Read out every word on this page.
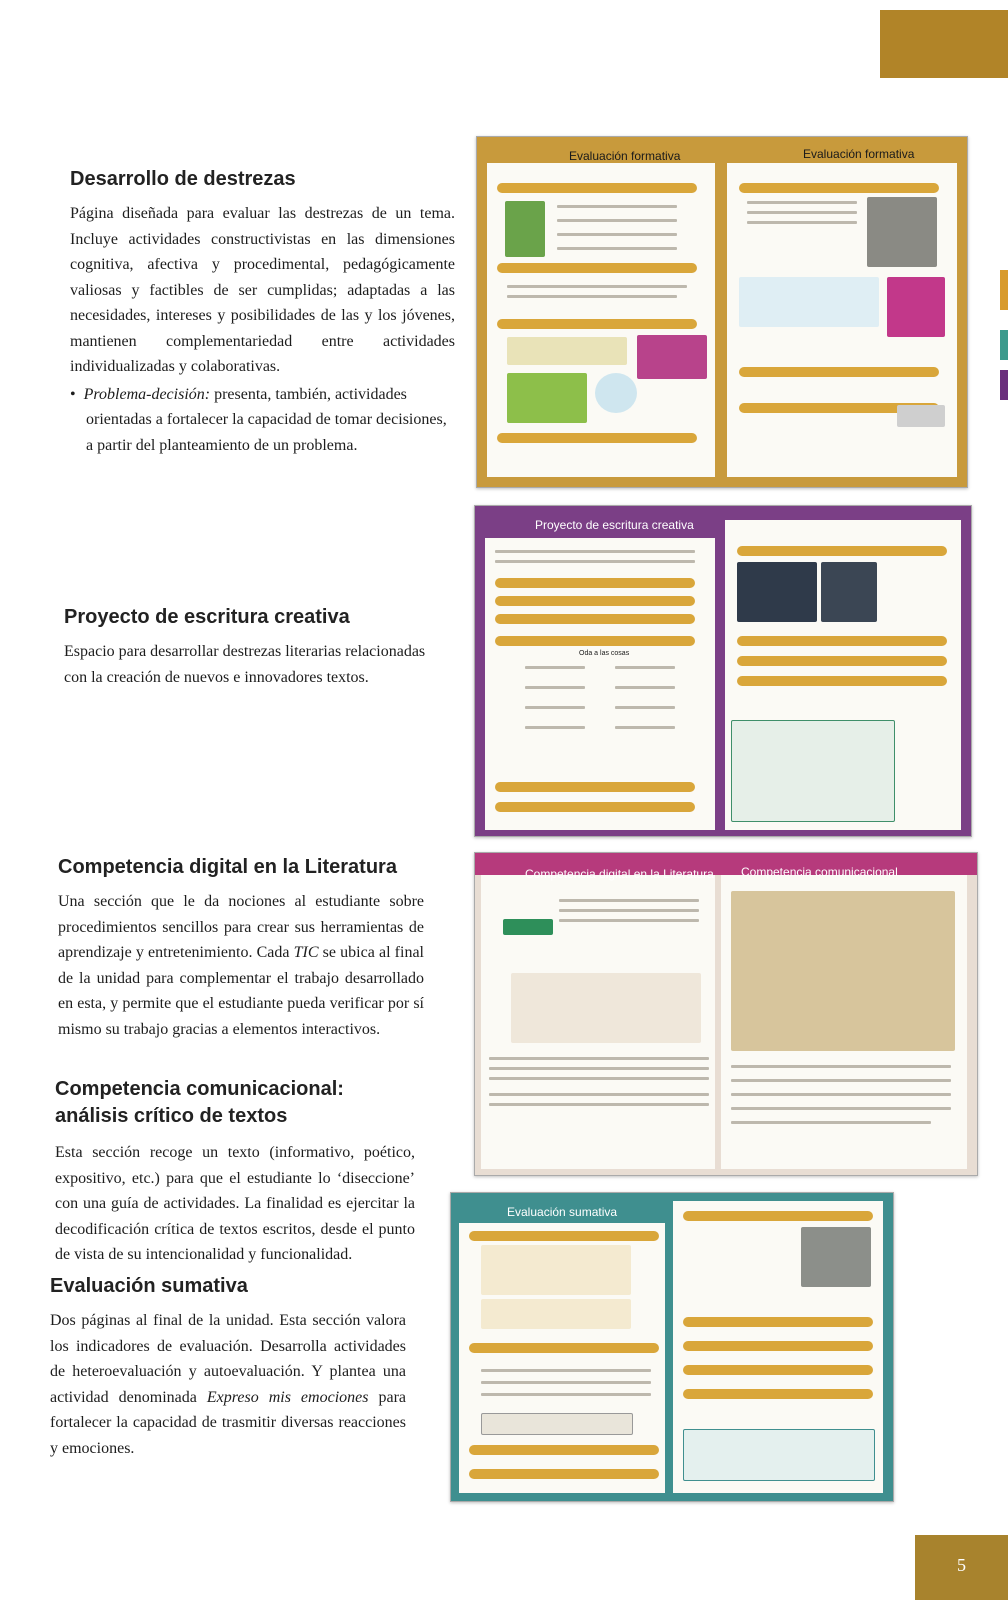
Desarrollo de destrezas

Página diseñada para evaluar las destrezas de un tema. Incluye actividades constructivistas en las dimensiones cognitiva, afectiva y procedimental, pedagógicamente valiosas y factibles de ser cumplidas; adaptadas a las necesidades, intereses y posibilidades de las y los jóvenes, mantienen complementariedad entre actividades individualizadas y colaborativas.

•  Problema-decisión: presenta, también, actividades orientadas a fortalecer la capacidad de tomar decisiones, a partir del planteamiento de un problema.
Proyecto de escritura creativa

Espacio para desarrollar destrezas literarias relacionadas con la creación de nuevos e innovadores textos.

Competencia digital en la Literatura

Una sección que le da nociones al estudiante sobre procedimientos sencillos para crear sus herramientas de aprendizaje y entretenimiento. Cada TIC se ubica al final de la unidad para complementar el trabajo desarrollado en esta, y permite que el estudiante pueda verificar por sí mismo su trabajo gracias a elementos interactivos.

Competencia comunicacional: análisis crítico de textos

Esta sección recoge un texto (informativo, poético, expositivo, etc.) para que el estudiante lo ‘diseccione’ con una guía de actividades. La finalidad es ejercitar la decodificación crítica de textos escritos, desde el punto de vista de su intencionalidad y funcionalidad.

Evaluación sumativa

Dos páginas al final de la unidad. Esta sección valora los indicadores de evaluación. Desarrolla actividades de heteroevaluación y autoevaluación. Y plantea una actividad denominada Expreso mis emociones para fortalecer la capacidad de trasmitir diversas reacciones y emociones.

Evaluación formativa	Evaluación formativa
Proyecto de escritura creativa
Oda a las cosas
Competencia digital en la Literatura Competencia comunicacional
Evaluación sumativa
5
